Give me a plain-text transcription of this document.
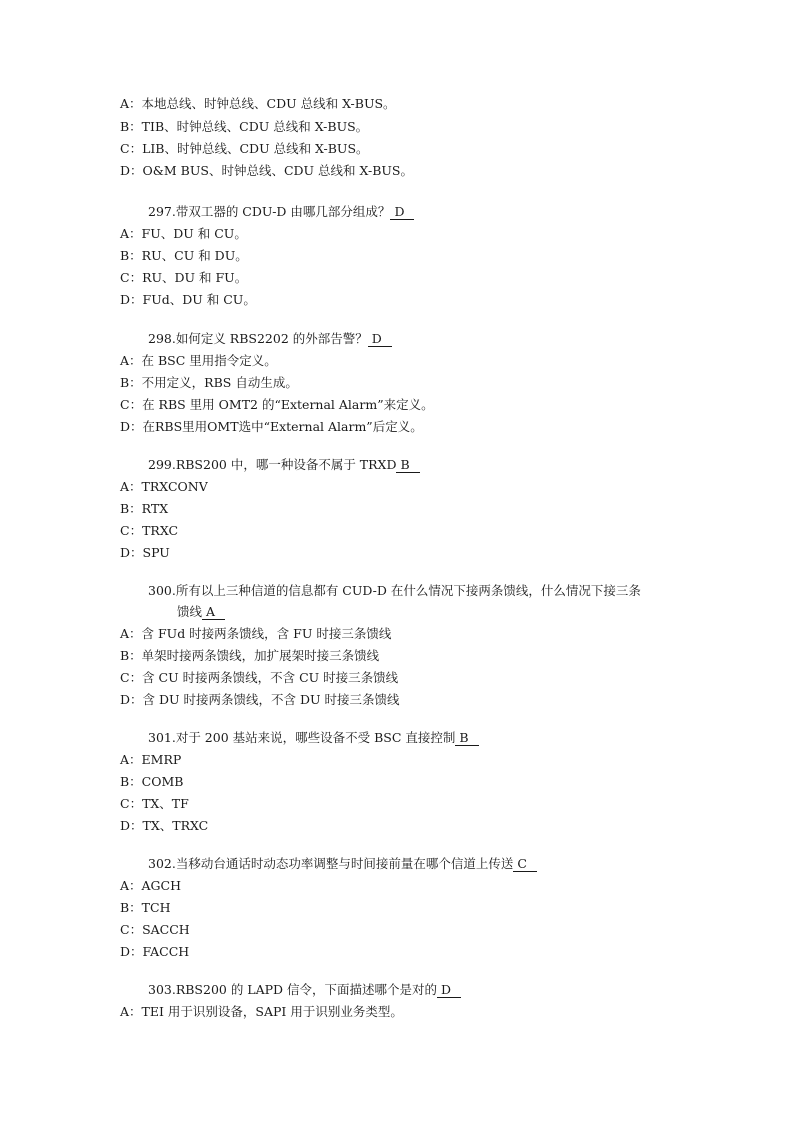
A：本地总线、时钟总线、CDU 总线和 X-BUS。
B：TIB、时钟总线、CDU 总线和 X-BUS。
C：LIB、时钟总线、CDU 总线和 X-BUS。
D：O&M BUS、时钟总线、CDU 总线和 X-BUS。
297.带双工器的 CDU-D 由哪几部分组成？ D
A：FU、DU 和 CU。
B：RU、CU 和 DU。
C：RU、DU 和 FU。
D：FUd、DU 和 CU。
298.如何定义 RBS2202 的外部告警？ D
A：在 BSC 里用指令定义。
B：不用定义，RBS 自动生成。
C：在 RBS 里用 OMT2 的“External Alarm”来定义。
D：在RBS里用OMT选中“External Alarm”后定义。
299.RBS200 中，哪一种设备不属于 TRXD B
A：TRXCONV
B：RTX
C：TRXC
D：SPU
300.所有以上三种信道的信息都有 CUD-D 在什么情况下接两条馈线，什么情况下接三条
馈线 A
A：含 FUd 时接两条馈线，含 FU 时接三条馈线
B：单架时接两条馈线，加扩展架时接三条馈线
C：含 CU 时接两条馈线，不含 CU 时接三条馈线
D：含 DU 时接两条馈线，不含 DU 时接三条馈线
301.对于 200 基站来说，哪些设备不受 BSC 直接控制 B
A：EMRP
B：COMB
C：TX、TF
D：TX、TRXC
302.当移动台通话时动态功率调整与时间接前量在哪个信道上传送 C
A：AGCH
B：TCH
C：SACCH
D：FACCH
303.RBS200 的 LAPD 信令，下面描述哪个是对的 D
A：TEI 用于识别设备，SAPI 用于识别业务类型。
